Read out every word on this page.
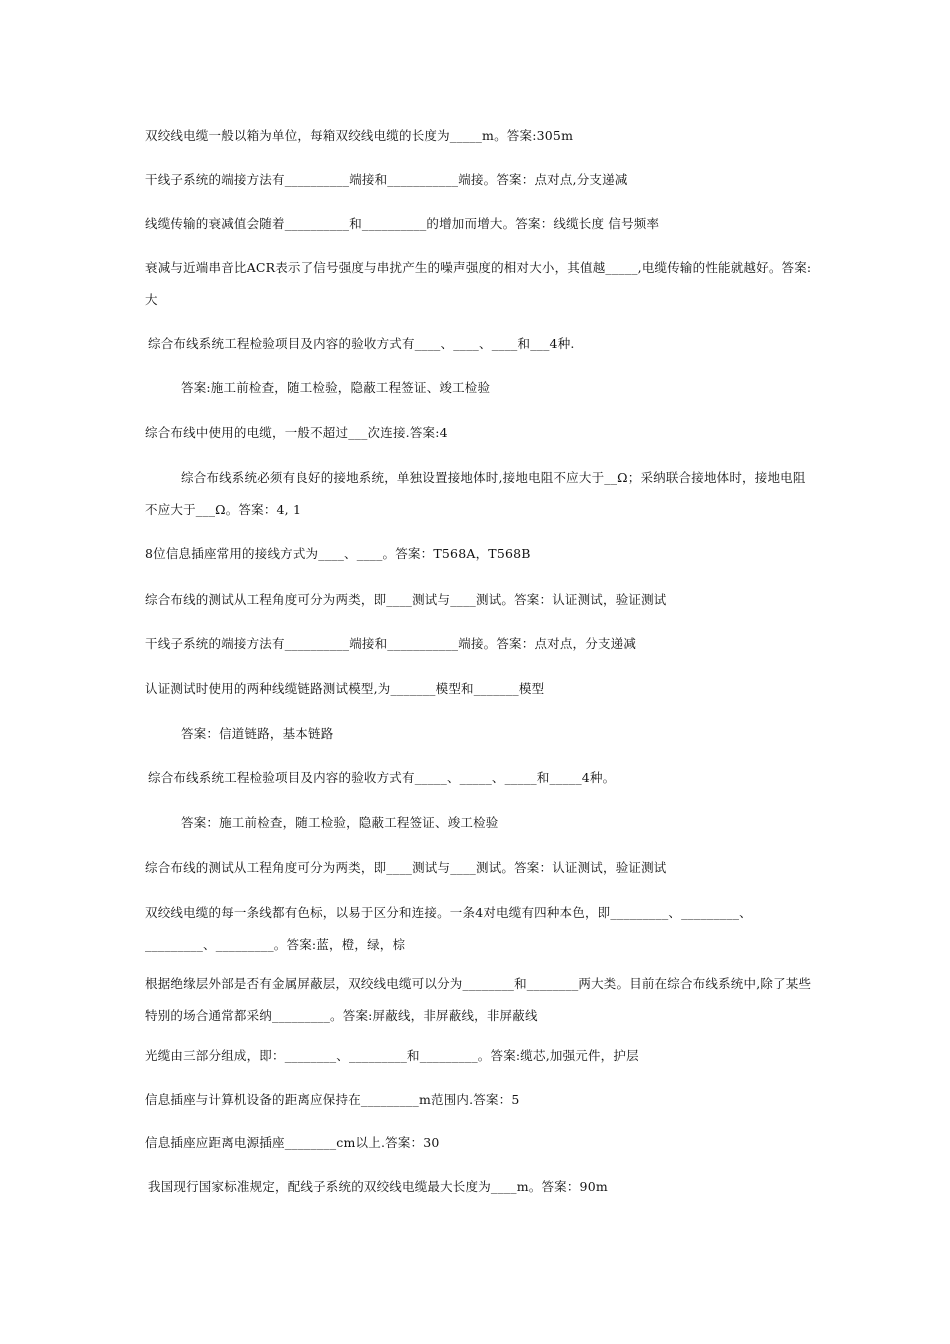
双绞线电缆一般以箱为单位，每箱双绞线电缆的长度为_____m。答案:305m
干线子系统的端接方法有__________端接和___________端接。答案：点对点,分支递减
线缆传输的衰减值会随着__________和__________的增加而增大。答案：线缆长度 信号频率
衰减与近端串音比ACR表示了信号强度与串扰产生的噪声强度的相对大小，其值越_____,电缆传输的性能就越好。答案:大
综合布线系统工程检验项目及内容的验收方式有____、____、____和___4种.
答案:施工前检查，随工检验，隐蔽工程签证、竣工检验
综合布线中使用的电缆，一般不超过___次连接.答案:4
综合布线系统必须有良好的接地系统，单独设置接地体时,接地电阻不应大于__Ω；采纳联合接地体时，接地电阻不应大于___Ω。答案：4, 1
8位信息插座常用的接线方式为____、____。答案：T568A，T568B
综合布线的测试从工程角度可分为两类，即____测试与____测试。答案：认证测试，验证测试
干线子系统的端接方法有__________端接和___________端接。答案：点对点，分支递减
认证测试时使用的两种线缆链路测试模型,为_______模型和_______模型
答案：信道链路，基本链路
综合布线系统工程检验项目及内容的验收方式有_____、_____、_____和_____4种。
答案：施工前检查，随工检验，隐蔽工程签证、竣工检验
综合布线的测试从工程角度可分为两类，即____测试与____测试。答案：认证测试，验证测试
双绞线电缆的每一条线都有色标，以易于区分和连接。一条4对电缆有四种本色，即_________、_________、_________、_________。答案:蓝，橙，绿，棕
根据绝缘层外部是否有金属屏蔽层，双绞线电缆可以分为________和________两大类。目前在综合布线系统中,除了某些特别的场合通常都采纳_________。答案:屏蔽线，非屏蔽线，非屏蔽线
光缆由三部分组成，即：________、_________和_________。答案:缆芯,加强元件，护层
信息插座与计算机设备的距离应保持在_________m范围内.答案：5
信息插座应距离电源插座________cm以上.答案：30
我国现行国家标准规定，配线子系统的双绞线电缆最大长度为____m。答案：90m
